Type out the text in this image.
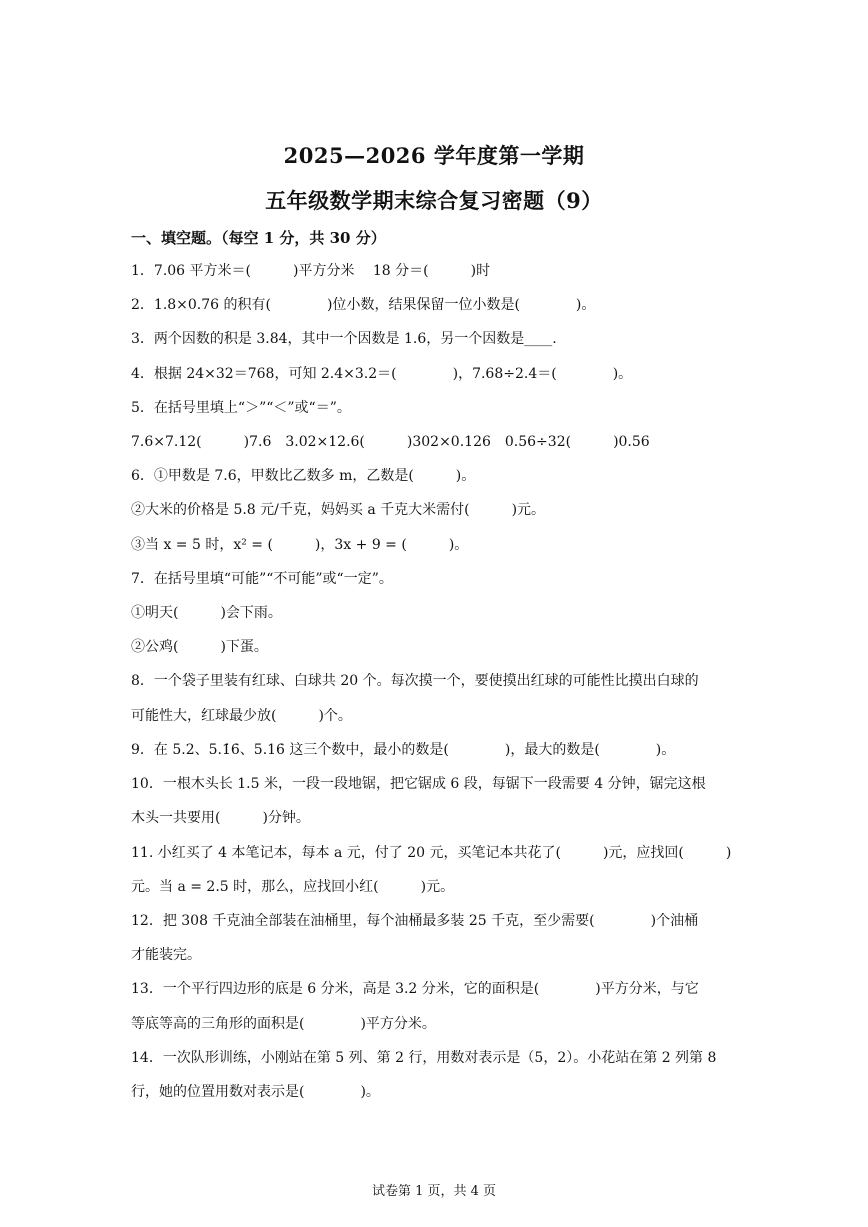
2025—2026 学年度第一学期
五年级数学期末综合复习密题（9）
一、填空题。（每空 1 分，共 30 分）
1．7.06 平方米＝(　　　)平方分米　 18 分＝(　　　)时
2．1.8×0.76 的积有(　　　　)位小数，结果保留一位小数是(　　　　)。
3．两个因数的积是 3.84，其中一个因数是 1.6，另一个因数是____.
4．根据 24×32＝768，可知 2.4×3.2＝(　　　　)，7.68÷2.4＝(　　　　)。
5．在括号里填上“＞”“＜”或“＝”。
7.6×7.12(　　　)7.6　3.02×12.6(　　　)302×0.126　0.56÷32(　　　)0.56
6．①甲数是 7.6，甲数比乙数多 m，乙数是(　　　)。
②大米的价格是 5.8 元/千克，妈妈买 a 千克大米需付(　　　)元。
③当 x = 5 时，x² = (　　　)，3x + 9 = (　　　)。
7．在括号里填“可能”“不可能”或“一定”。
①明天(　　　)会下雨。
②公鸡(　　　)下蛋。
8．一个袋子里装有红球、白球共 20 个。每次摸一个，要使摸出红球的可能性比摸出白球的
可能性大，红球最少放(　　　)个。
9．在 5.2、5.1̇6̇、5.16̇ 这三个数中，最小的数是(　　　　)，最大的数是(　　　　)。
10．一根木头长 1.5 米，一段一段地锯，把它锯成 6 段，每锯下一段需要 4 分钟，锯完这根
木头一共要用(　　　)分钟。
11. 小红买了 4 本笔记本，每本 a 元，付了 20 元，买笔记本共花了(　　　)元，应找回(　　　)
元。当 a = 2.5 时，那么，应找回小红(　　　)元。
12．把 308 千克油全部装在油桶里，每个油桶最多装 25 千克，至少需要(　　　　)个油桶
才能装完。
13．一个平行四边形的底是 6 分米，高是 3.2 分米，它的面积是(　　　　)平方分米，与它
等底等高的三角形的面积是(　　　　)平方分米。
14．一次队形训练，小刚站在第 5 列、第 2 行，用数对表示是（5，2）。小花站在第 2 列第 8
行，她的位置用数对表示是(　　　　)。
试卷第 1 页，共 4 页
